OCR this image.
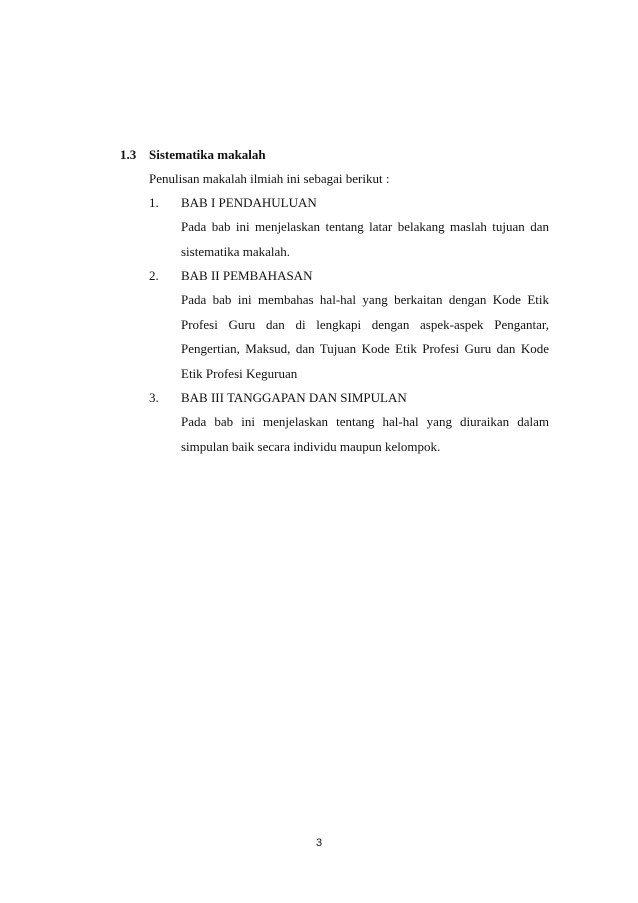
1.3 Sistematika makalah
Penulisan makalah ilmiah ini sebagai berikut :
1.	BAB I PENDAHULUAN
Pada bab ini menjelaskan tentang latar belakang maslah tujuan dan sistematika makalah.
2.	BAB II PEMBAHASAN
Pada bab ini membahas hal-hal yang berkaitan dengan Kode Etik Profesi Guru dan di lengkapi dengan aspek-aspek Pengantar, Pengertian, Maksud, dan Tujuan Kode Etik Profesi Guru dan Kode Etik Profesi Keguruan
3.	BAB III TANGGAPAN DAN SIMPULAN
Pada bab ini menjelaskan tentang hal-hal yang diuraikan dalam simpulan baik secara individu maupun kelompok.
3
